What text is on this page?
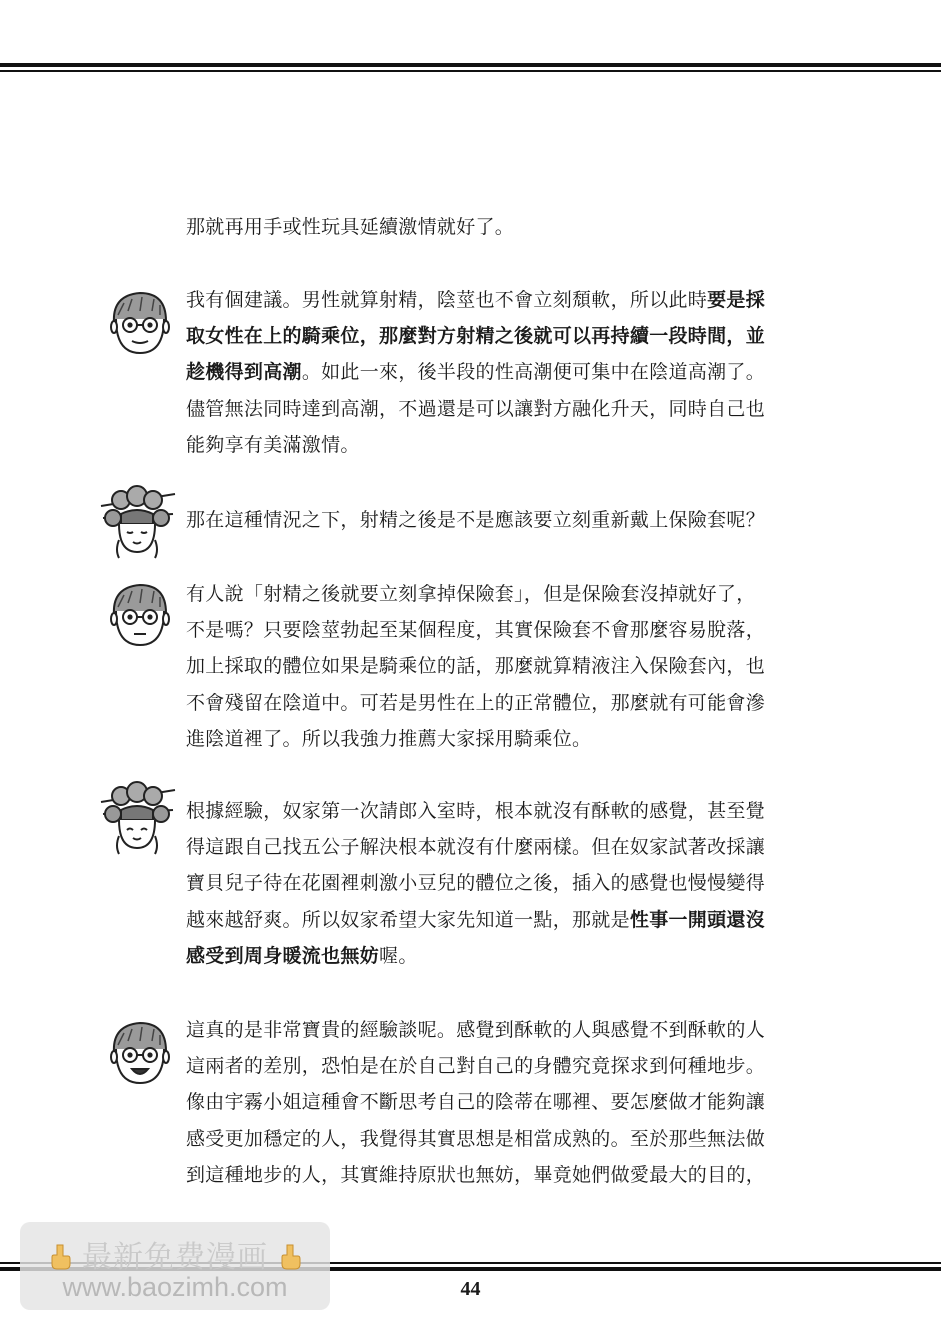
那就再用手或性玩具延續激情就好了。
我有個建議。男性就算射精，陰莖也不會立刻頹軟，所以此時要是採
取女性在上的騎乘位，那麼對方射精之後就可以再持續一段時間，並
趁機得到高潮。如此一來，後半段的性高潮便可集中在陰道高潮了。
儘管無法同時達到高潮，不過還是可以讓對方融化升天，同時自己也
能夠享有美滿激情。
那在這種情況之下，射精之後是不是應該要立刻重新戴上保險套呢？
有人說「射精之後就要立刻拿掉保險套」，但是保險套沒掉就好了，
不是嗎？只要陰莖勃起至某個程度，其實保險套不會那麼容易脫落，
加上採取的體位如果是騎乘位的話，那麼就算精液注入保險套內，也
不會殘留在陰道中。可若是男性在上的正常體位，那麼就有可能會滲
進陰道裡了。所以我強力推薦大家採用騎乘位。
根據經驗，奴家第一次請郎入室時，根本就沒有酥軟的感覺，甚至覺
得這跟自己找五公子解決根本就沒有什麼兩樣。但在奴家試著改採讓
寶貝兒子待在花園裡刺激小豆兒的體位之後，插入的感覺也慢慢變得
越來越舒爽。所以奴家希望大家先知道一點，那就是性事一開頭還沒
感受到周身暖流也無妨喔。
這真的是非常寶貴的經驗談呢。感覺到酥軟的人與感覺不到酥軟的人
這兩者的差別，恐怕是在於自己對自己的身體究竟探求到何種地步。
像由宇霧小姐這種會不斷思考自己的陰蒂在哪裡、要怎麼做才能夠讓
感受更加穩定的人，我覺得其實思想是相當成熟的。至於那些無法做
到這種地步的人，其實維持原狀也無妨，畢竟她們做愛最大的目的，
44
最新免费漫画
www.baozimh.com
